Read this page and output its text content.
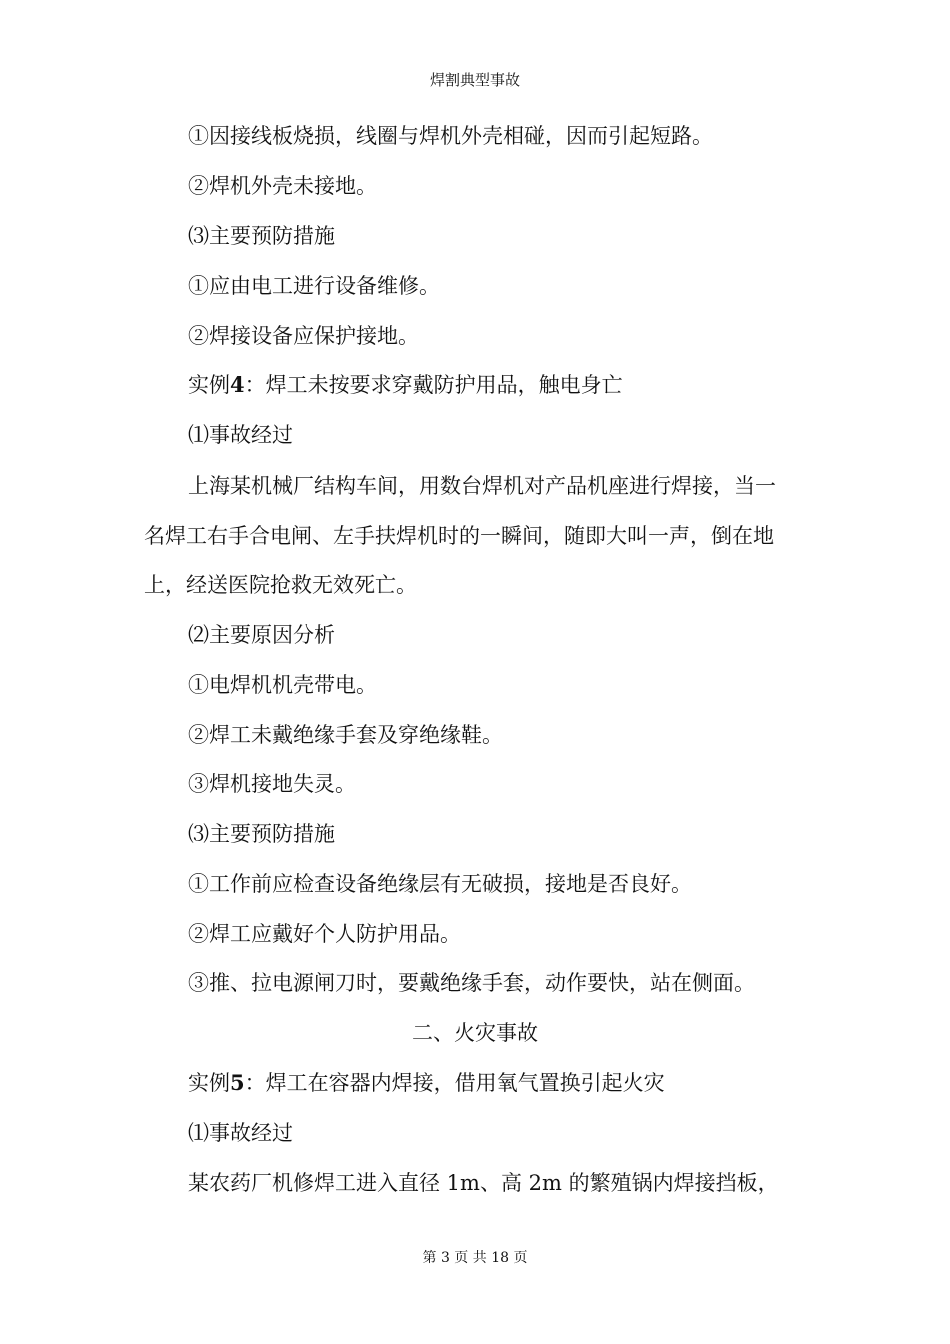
焊割典型事故
①因接线板烧损，线圈与焊机外壳相碰，因而引起短路。
②焊机外壳未接地。
⑶主要预防措施
①应由电工进行设备维修。
②焊接设备应保护接地。
实例4：焊工未按要求穿戴防护用品，触电身亡
⑴事故经过
上海某机械厂结构车间，用数台焊机对产品机座进行焊接，当一
名焊工右手合电闸、左手扶焊机时的一瞬间，随即大叫一声，倒在地
上，经送医院抢救无效死亡。
⑵主要原因分析
①电焊机机壳带电。
②焊工未戴绝缘手套及穿绝缘鞋。
③焊机接地失灵。
⑶主要预防措施
①工作前应检查设备绝缘层有无破损，接地是否良好。
②焊工应戴好个人防护用品。
③推、拉电源闸刀时，要戴绝缘手套，动作要快，站在侧面。
二、火灾事故
实例5：焊工在容器内焊接，借用氧气置换引起火灾
⑴事故经过
某农药厂机修焊工进入直径 1m、高 2m 的繁殖锅内焊接挡板，
第 3 页 共 18 页
